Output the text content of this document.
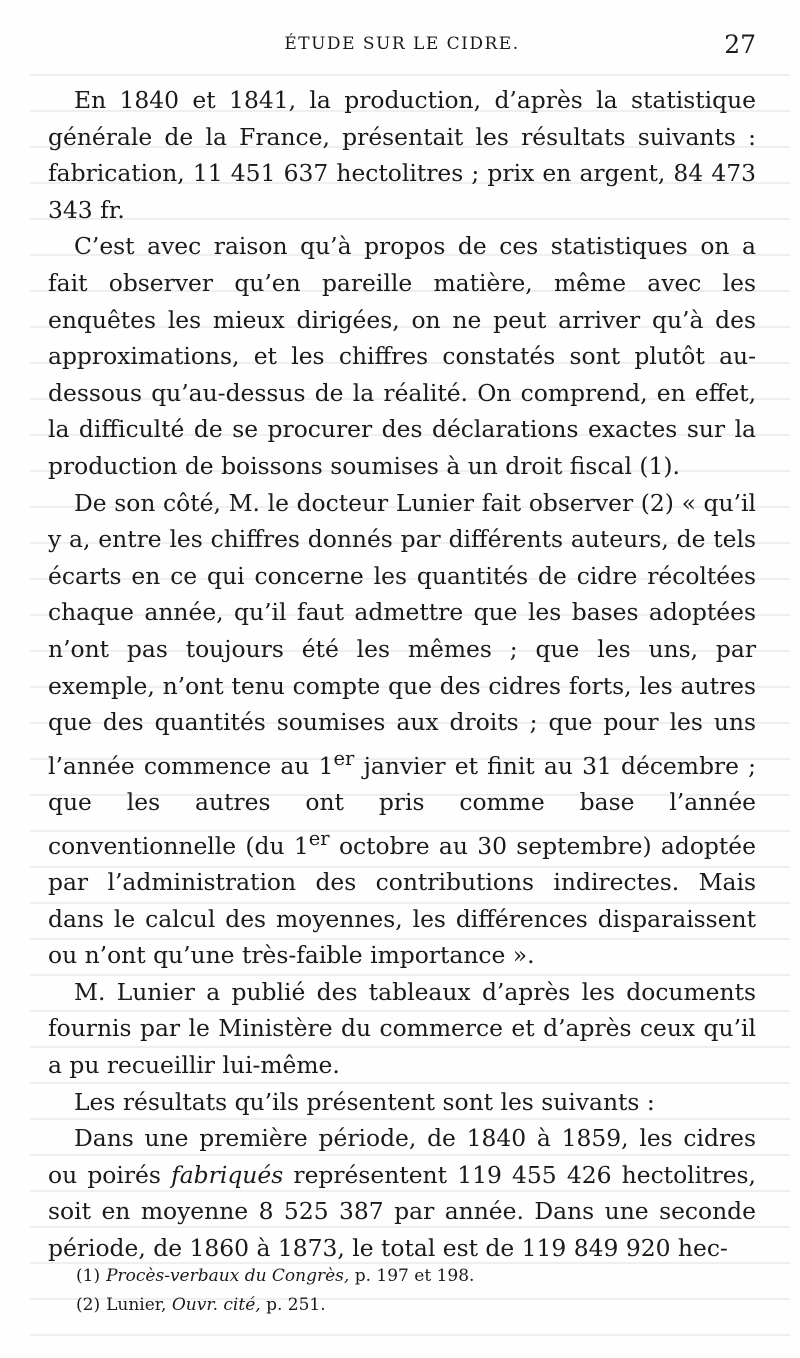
ÉTUDE SUR LE CIDRE.	27

En 1840 et 1841, la production, d’après la statistique générale de la France, présentait les résultats suivants : fabrication, 11 451 637 hectolitres ; prix en argent, 84 473 343 fr.

C’est avec raison qu’à propos de ces statistiques on a fait observer qu’en pareille matière, même avec les enquêtes les mieux dirigées, on ne peut arriver qu’à des approximations, et les chiffres constatés sont plutôt au-dessous qu’au-dessus de la réalité. On comprend, en effet, la difficulté de se procurer des déclarations exactes sur la production de boissons soumises à un droit fiscal (1).

De son côté, M. le docteur Lunier fait observer (2) « qu’il y a, entre les chiffres donnés par différents auteurs, de tels écarts en ce qui concerne les quantités de cidre récoltées chaque année, qu’il faut admettre que les bases adoptées n’ont pas toujours été les mêmes ; que les uns, par exemple, n’ont tenu compte que des cidres forts, les autres que des quantités soumises aux droits ; que pour les uns l’année commence au 1er janvier et finit au 31 décembre ; que les autres ont pris comme base l’année conventionnelle (du 1er octobre au 30 septembre) adoptée par l’administration des contributions indirectes. Mais dans le calcul des moyennes, les différences disparaissent ou n’ont qu’une très-faible importance ».

M. Lunier a publié des tableaux d’après les documents fournis par le Ministère du commerce et d’après ceux qu’il a pu recueillir lui-même.

Les résultats qu’ils présentent sont les suivants :

Dans une première période, de 1840 à 1859, les cidres ou poirés fabriqués représentent 119 455 426 hectolitres, soit en moyenne 8 525 387 par année. Dans une seconde période, de 1860 à 1873, le total est de 119 849 920 hec-

(1) Procès-verbaux du Congrès, p. 197 et 198.

(2) Lunier, Ouvr. cité, p. 251.
